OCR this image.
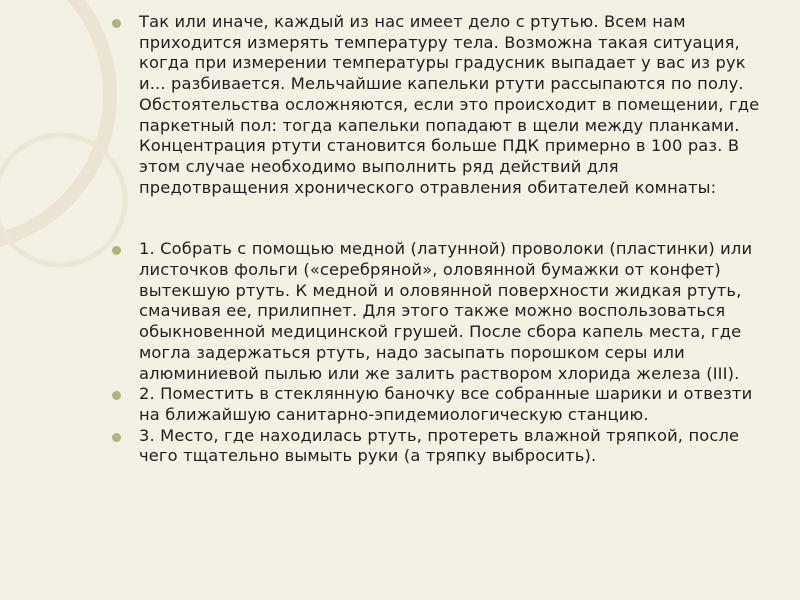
Так или иначе, каждый из нас имеет дело с ртутью. Всем нам приходится измерять температуру тела. Возможна такая ситуация, когда при измерении температуры градусник выпадает у вас из рук и... разбивается. Мельчайшие капельки ртути рассыпаются по полу. Обстоятельства осложняются, если это происходит в помещении, где паркетный пол: тогда капельки попадают в щели между планками. Концентрация ртути становится больше ПДК примерно в 100 раз. В этом случае необходимо выполнить ряд действий для предотвращения хронического отравления обитателей комнаты:
1. Собрать с помощью медной (латунной) проволоки (пластинки) или листочков фольги («серебряной», оловянной бумажки от конфет) вытекшую ртуть. К медной и оловянной поверхности жидкая ртуть, смачивая ее, прилипнет. Для этого также можно воспользоваться обыкновенной медицинской грушей. После сбора капель места, где могла задержаться ртуть, надо засыпать порошком серы или алюминиевой пылью или же залить раствором хлорида железа (III).
2. Поместить в стеклянную баночку все собранные шарики и отвезти на ближайшую санитарно-эпидемиологическую станцию.
3. Место, где находилась ртуть, протереть влажной тряпкой, после чего тщательно вымыть руки (а тряпку выбросить).
